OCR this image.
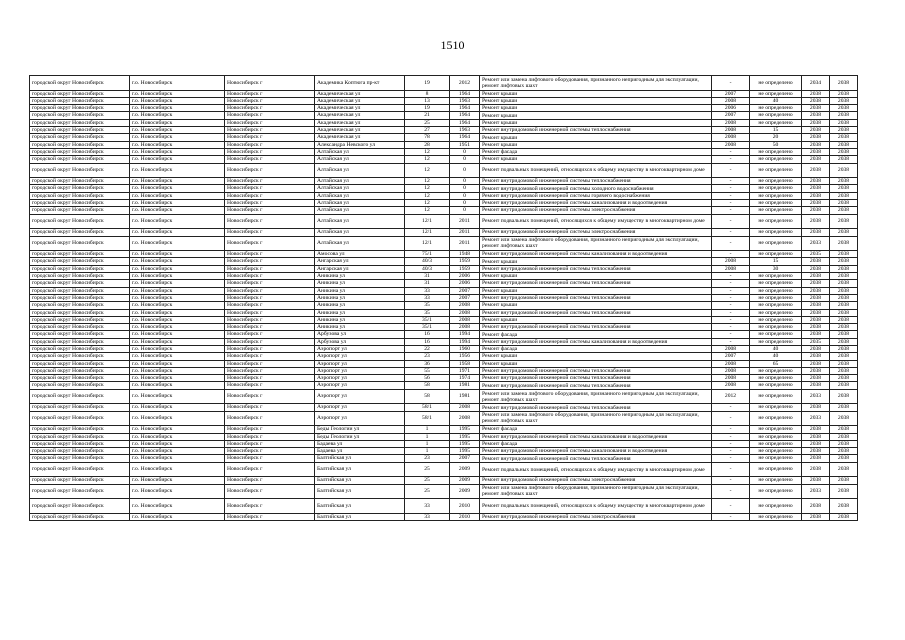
1510
городской округ Новосибирск	г.о. Новосибирск	Новосибирск г	Академика Коптюга пр-кт	19	2012	Ремонт или замена лифтового оборудования, признанного непригодным для эксплуатации, ремонт лифтовых шахт	-	не определено	2034	2038
городской округ Новосибирск	г.о. Новосибирск	Новосибирск г	Академическая ул	8	1964	Ремонт крыши	2007	не определено	2038	2038
городской округ Новосибирск	г.о. Новосибирск	Новосибирск г	Академическая ул	13	1963	Ремонт крыши	2008	40	2038	2038
городской округ Новосибирск	г.о. Новосибирск	Новосибирск г	Академическая ул	19	1964	Ремонт крыши	2006	не определено	2038	2038
городской округ Новосибирск	г.о. Новосибирск	Новосибирск г	Академическая ул	21	1964	Ремонт крыши	2007	не определено	2038	2038
городской округ Новосибирск	г.о. Новосибирск	Новосибирск г	Академическая ул	25	1964	Ремонт крыши	2008	не определено	2038	2038
городской округ Новосибирск	г.о. Новосибирск	Новосибирск г	Академическая ул	27	1963	Ремонт внутридомовой инженерной системы теплоснабжения	2008	15	2038	2038
городской округ Новосибирск	г.о. Новосибирск	Новосибирск г	Академическая ул	78	1964	Ремонт крыши	2008	20	2038	2038
городской округ Новосибирск	г.о. Новосибирск	Новосибирск г	Александра Невского ул	28	1951	Ремонт крыши	2008	50	2038	2038
городской округ Новосибирск	г.о. Новосибирск	Новосибирск г	Алтайская ул	12	0	Ремонт фасада	-	не определено	2038	2038
городской округ Новосибирск	г.о. Новосибирск	Новосибирск г	Алтайская ул	12	0	Ремонт крыши	-	не определено	2038	2038
городской округ Новосибирск	г.о. Новосибирск	Новосибирск г	Алтайская ул	12	0	Ремонт подвальных помещений, относящихся к общему имуществу в многоквартирном доме	-	не определено	2038	2038
городской округ Новосибирск	г.о. Новосибирск	Новосибирск г	Алтайская ул	12	0	Ремонт внутридомовой инженерной системы теплоснабжения	-	не определено	2038	2038
городской округ Новосибирск	г.о. Новосибирск	Новосибирск г	Алтайская ул	12	0	Ремонт внутридомовой инженерной системы холодного водоснабжения	-	не определено	2038	2038
городской округ Новосибирск	г.о. Новосибирск	Новосибирск г	Алтайская ул	12	0	Ремонт внутридомовой инженерной системы горячего водоснабжения	-	не определено	2038	2038
городской округ Новосибирск	г.о. Новосибирск	Новосибирск г	Алтайская ул	12	0	Ремонт внутридомовой инженерной системы канализования и водоотведения	-	не определено	2038	2038
городской округ Новосибирск	г.о. Новосибирск	Новосибирск г	Алтайская ул	12	0	Ремонт внутридомовой инженерной системы электроснабжения	-	не определено	2038	2038
городской округ Новосибирск	г.о. Новосибирск	Новосибирск г	Алтайская ул	12/1	2011	Ремонт подвальных помещений, относящихся к общему имуществу в многоквартирном доме	-	не определено	2038	2038
городской округ Новосибирск	г.о. Новосибирск	Новосибирск г	Алтайская ул	12/1	2011	Ремонт внутридомовой инженерной системы электроснабжения	-	не определено	2038	2038
городской округ Новосибирск	г.о. Новосибирск	Новосибирск г	Алтайская ул	12/1	2011	Ремонт или замена лифтового оборудования, признанного непригодным для эксплуатации, ремонт лифтовых шахт	-	не определено	2033	2038
городской округ Новосибирск	г.о. Новосибирск	Новосибирск г	Амосова ул	75/1	1948	Ремонт внутридомовой инженерной системы канализования и водоотведения	-	не определено	2035	2038
городской округ Новосибирск	г.о. Новосибирск	Новосибирск г	Ангарская ул	40/3	1959	Ремонт крыши	2008	15	2038	2038
городской округ Новосибирск	г.о. Новосибирск	Новосибирск г	Ангарская ул	40/3	1959	Ремонт внутридомовой инженерной системы теплоснабжения	2008	30	2038	2038
городской округ Новосибирск	г.о. Новосибирск	Новосибирск г	Аникина ул	31	2006	Ремонт крыши	-	не определено	2038	2038
городской округ Новосибирск	г.о. Новосибирск	Новосибирск г	Аникина ул	31	2006	Ремонт внутридомовой инженерной системы теплоснабжения	-	не определено	2038	2038
городской округ Новосибирск	г.о. Новосибирск	Новосибирск г	Аникина ул	33	2007	Ремонт крыши	-	не определено	2038	2038
городской округ Новосибирск	г.о. Новосибирск	Новосибирск г	Аникина ул	33	2007	Ремонт внутридомовой инженерной системы теплоснабжения	-	не определено	2038	2038
городской округ Новосибирск	г.о. Новосибирск	Новосибирск г	Аникина ул	35	2008	Ремонт крыши	-	не определено	2038	2038
городской округ Новосибирск	г.о. Новосибирск	Новосибирск г	Аникина ул	35	2008	Ремонт внутридомовой инженерной системы теплоснабжения	-	не определено	2038	2038
городской округ Новосибирск	г.о. Новосибирск	Новосибирск г	Аникина ул	35/1	2008	Ремонт крыши	-	не определено	2038	2038
городской округ Новосибирск	г.о. Новосибирск	Новосибирск г	Аникина ул	35/1	2008	Ремонт внутридомовой инженерной системы теплоснабжения	-	не определено	2038	2038
городской округ Новосибирск	г.о. Новосибирск	Новосибирск г	Арбузова ул	16	1994	Ремонт фасада	-	не определено	2038	2038
городской округ Новосибирск	г.о. Новосибирск	Новосибирск г	Арбузова ул	16	1994	Ремонт внутридомовой инженерной системы канализования и водоотведения	-	не определено	2035	2038
городской округ Новосибирск	г.о. Новосибирск	Новосибирск г	Аэропорт ул	22	1960	Ремонт фасада	2008	40	2038	2038
городской округ Новосибирск	г.о. Новосибирск	Новосибирск г	Аэропорт ул	23	1956	Ремонт крыши	2007	40	2038	2038
городской округ Новосибирск	г.о. Новосибирск	Новосибирск г	Аэропорт ул	36	1958	Ремонт крыши	2008	65	2038	2038
городской округ Новосибирск	г.о. Новосибирск	Новосибирск г	Аэропорт ул	55	1971	Ремонт внутридомовой инженерной системы теплоснабжения	2008	не определено	2038	2038
городской округ Новосибирск	г.о. Новосибирск	Новосибирск г	Аэропорт ул	56	1974	Ремонт внутридомовой инженерной системы теплоснабжения	2008	не определено	2038	2038
городской округ Новосибирск	г.о. Новосибирск	Новосибирск г	Аэропорт ул	58	1981	Ремонт внутридомовой инженерной системы теплоснабжения	2008	не определено	2038	2038
городской округ Новосибирск	г.о. Новосибирск	Новосибирск г	Аэропорт ул	58	1981	Ремонт или замена лифтового оборудования, признанного непригодным для эксплуатации, ремонт лифтовых шахт	2012	не определено	2033	2038
городской округ Новосибирск	г.о. Новосибирск	Новосибирск г	Аэропорт ул	58/1	2008	Ремонт внутридомовой инженерной системы теплоснабжения	-	не определено	2038	2038
городской округ Новосибирск	г.о. Новосибирск	Новосибирск г	Аэропорт ул	58/1	2008	Ремонт или замена лифтового оборудования, признанного непригодным для эксплуатации, ремонт лифтовых шахт	-	не определено	2033	2038
городской округ Новосибирск	г.о. Новосибирск	Новосибирск г	Беды Геологии ул	1	1995	Ремонт фасада	-	не определено	2038	2038
городской округ Новосибирск	г.о. Новосибирск	Новосибирск г	Беды Геологии ул	1	1995	Ремонт внутридомовой инженерной системы канализования и водоотведения	-	не определено	2038	2038
городской округ Новосибирск	г.о. Новосибирск	Новосибирск г	Бадаева ул	1	1995	Ремонт фасада	-	не определено	2038	2038
городской округ Новосибирск	г.о. Новосибирск	Новосибирск г	Бадаева ул	1	1995	Ремонт внутридомовой инженерной системы канализования и водоотведения	-	не определено	2038	2038
городской округ Новосибирск	г.о. Новосибирск	Новосибирск г	Балтийская ул	23	2007	Ремонт внутридомовой инженерной системы теплоснабжения	-	не определено	2038	2038
городской округ Новосибирск	г.о. Новосибирск	Новосибирск г	Балтийская ул	25	2009	Ремонт подвальных помещений, относящихся к общему имуществу в многоквартирном доме	-	не определено	2038	2038
городской округ Новосибирск	г.о. Новосибирск	Новосибирск г	Балтийская ул	25	2009	Ремонт внутридомовой инженерной системы электроснабжения	-	не определено	2038	2038
городской округ Новосибирск	г.о. Новосибирск	Новосибирск г	Балтийская ул	25	2009	Ремонт или замена лифтового оборудования, признанного непригодным для эксплуатации, ремонт лифтовых шахт	-	не определено	2033	2038
городской округ Новосибирск	г.о. Новосибирск	Новосибирск г	Балтийская ул	33	2010	Ремонт подвальных помещений, относящихся к общему имуществу в многоквартирном доме	-	не определено	2038	2038
городской округ Новосибирск	г.о. Новосибирск	Новосибирск г	Балтийская ул	33	2010	Ремонт внутридомовой инженерной системы электроснабжения	-	не определено	2038	2038
